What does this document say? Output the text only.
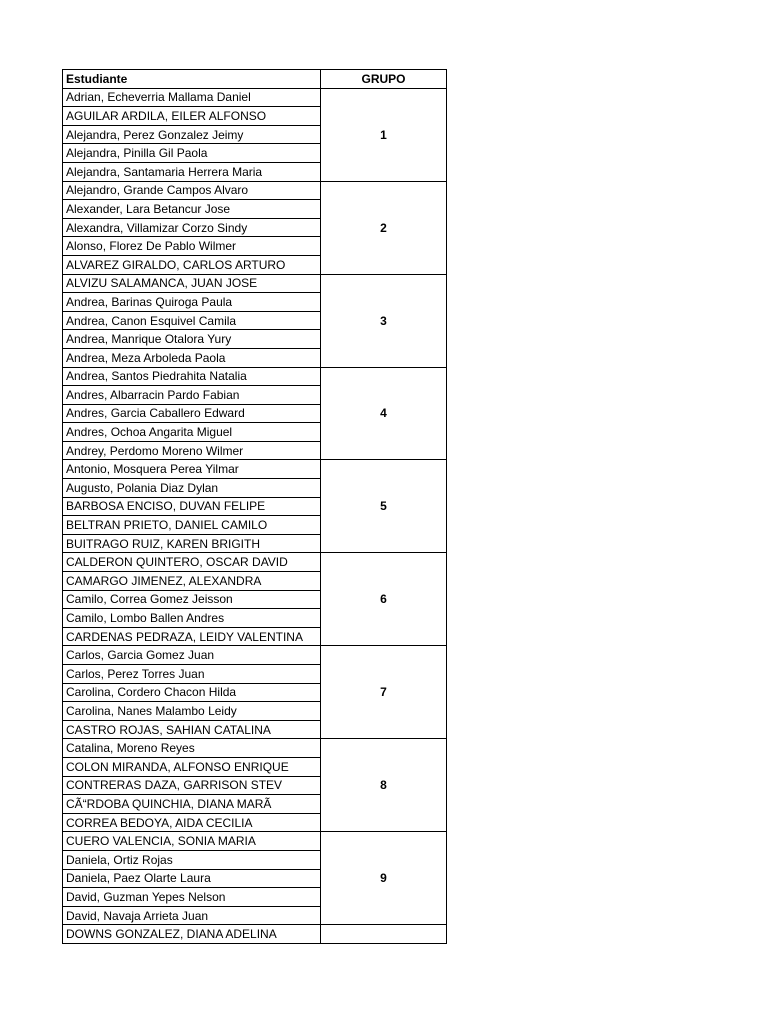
Estudiante	GRUPO
Adrian, Echeverria Mallama Daniel	1
AGUILAR ARDILA, EILER ALFONSO	
Alejandra, Perez Gonzalez Jeimy	
Alejandra, Pinilla Gil Paola	
Alejandra, Santamaria Herrera Maria	
Alejandro, Grande Campos Alvaro	2
Alexander, Lara Betancur Jose	
Alexandra, Villamizar Corzo Sindy	
Alonso, Florez De Pablo Wilmer	
ALVAREZ GIRALDO, CARLOS ARTURO	
ALVIZU SALAMANCA, JUAN JOSE	3
Andrea, Barinas Quiroga Paula	
Andrea, Canon Esquivel Camila	
Andrea, Manrique Otalora Yury	
Andrea, Meza Arboleda Paola	
Andrea, Santos Piedrahita Natalia	4
Andres, Albarracin Pardo Fabian	
Andres, Garcia Caballero Edward	
Andres, Ochoa Angarita Miguel	
Andrey, Perdomo Moreno Wilmer	
Antonio, Mosquera Perea Yilmar	5
Augusto, Polania Diaz Dylan	
BARBOSA ENCISO, DUVAN FELIPE	
BELTRAN PRIETO, DANIEL CAMILO	
BUITRAGO RUIZ, KAREN BRIGITH	
CALDERON QUINTERO, OSCAR DAVID	6
CAMARGO JIMENEZ, ALEXANDRA	
Camilo, Correa Gomez Jeisson	
Camilo, Lombo Ballen Andres	
CARDENAS PEDRAZA, LEIDY VALENTINA	
Carlos, Garcia Gomez Juan	7
Carlos, Perez Torres Juan	
Carolina, Cordero Chacon Hilda	
Carolina, Nanes Malambo Leidy	
CASTRO ROJAS, SAHIAN CATALINA	
Catalina, Moreno Reyes	8
COLON MIRANDA, ALFONSO ENRIQUE	
CONTRERAS DAZA, GARRISON STEV	
CÃ“RDOBA QUINCHIA, DIANA MARÃ	
CORREA BEDOYA, AIDA CECILIA	
CUERO VALENCIA, SONIA MARIA	9
Daniela, Ortiz Rojas	
Daniela, Paez Olarte Laura	
David, Guzman Yepes Nelson	
David, Navaja Arrieta Juan	
DOWNS GONZALEZ, DIANA ADELINA	
